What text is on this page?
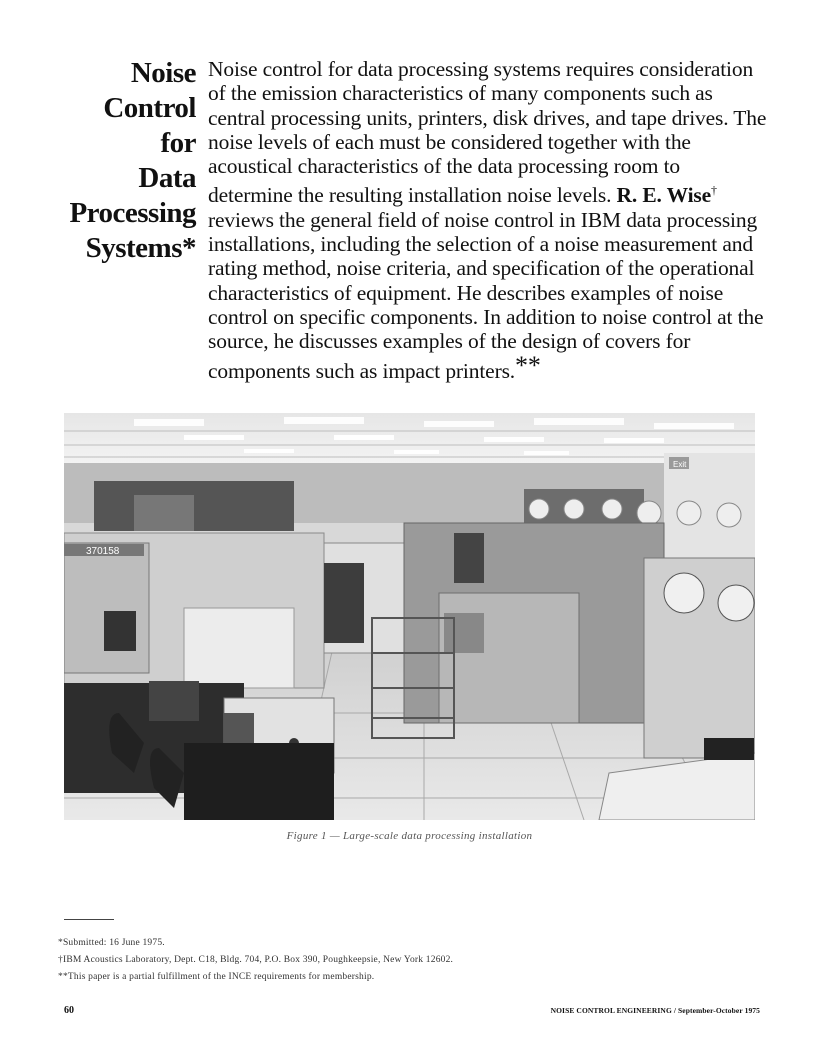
Noise
Control
for
Data
Processing
Systems*
Noise control for data processing systems requires consideration of the emission characteristics of many components such as central processing units, printers, disk drives, and tape drives. The noise levels of each must be considered together with the acoustical characteristics of the data processing room to determine the resulting installation noise levels. R. E. Wise† reviews the general field of noise control in IBM data processing installations, including the selection of a noise measurement and rating method, noise criteria, and specification of the operational characteristics of equipment. He describes examples of noise control on specific components. In addition to noise control at the source, he discusses examples of the design of covers for components such as impact printers.**
Exit
370158
Figure 1 — Large-scale data processing installation
*Submitted: 16 June 1975.
†IBM Acoustics Laboratory, Dept. C18, Bldg. 704, P.O. Box 390, Poughkeepsie, New York 12602.
**This paper is a partial fulfillment of the INCE requirements for membership.
60	NOISE CONTROL ENGINEERING / September-October 1975
